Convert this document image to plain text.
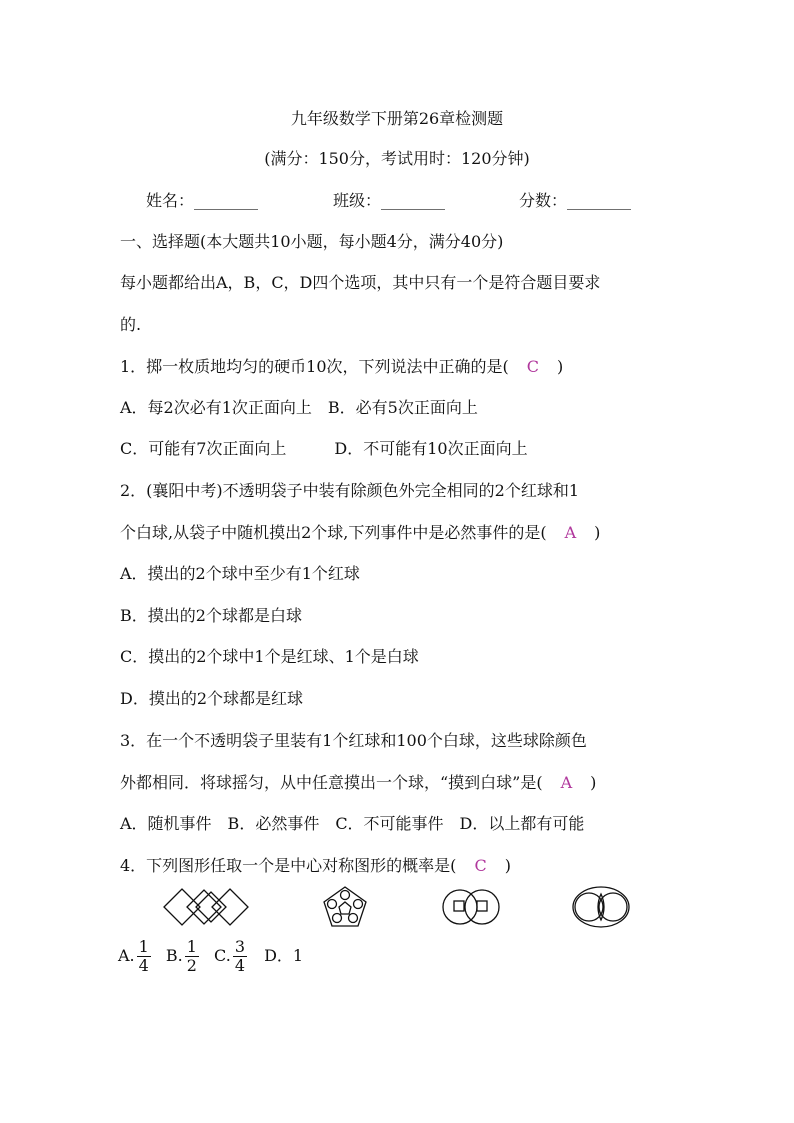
九年级数学下册第26章检测题
(满分：150分，考试用时：120分钟)
姓名：________	班级：________	分数：________
一、选择题(本大题共10小题，每小题4分，满分40分)
每小题都给出A，B，C，D四个选项，其中只有一个是符合题目要求
的.
1．掷一枚质地均匀的硬币10次，下列说法中正确的是( C )
A．每2次必有1次正面向上　B．必有5次正面向上
C．可能有7次正面向上　　　D．不可能有10次正面向上
2．(襄阳中考)不透明袋子中装有除颜色外完全相同的2个红球和1
个白球,从袋子中随机摸出2个球,下列事件中是必然事件的是( A )
A．摸出的2个球中至少有1个红球
B．摸出的2个球都是白球
C．摸出的2个球中1个是红球、1个是白球
D．摸出的2个球都是红球
3．在一个不透明袋子里装有1个红球和100个白球，这些球除颜色
外都相同．将球摇匀，从中任意摸出一个球，“摸到白球”是( A )
A．随机事件　B．必然事件　C．不可能事件　D．以上都有可能
4．下列图形任取一个是中心对称图形的概率是( C )
A. $\frac{1}{4} B$. $\frac{1}{2} C$. $\frac{3}{4}$ D．1
